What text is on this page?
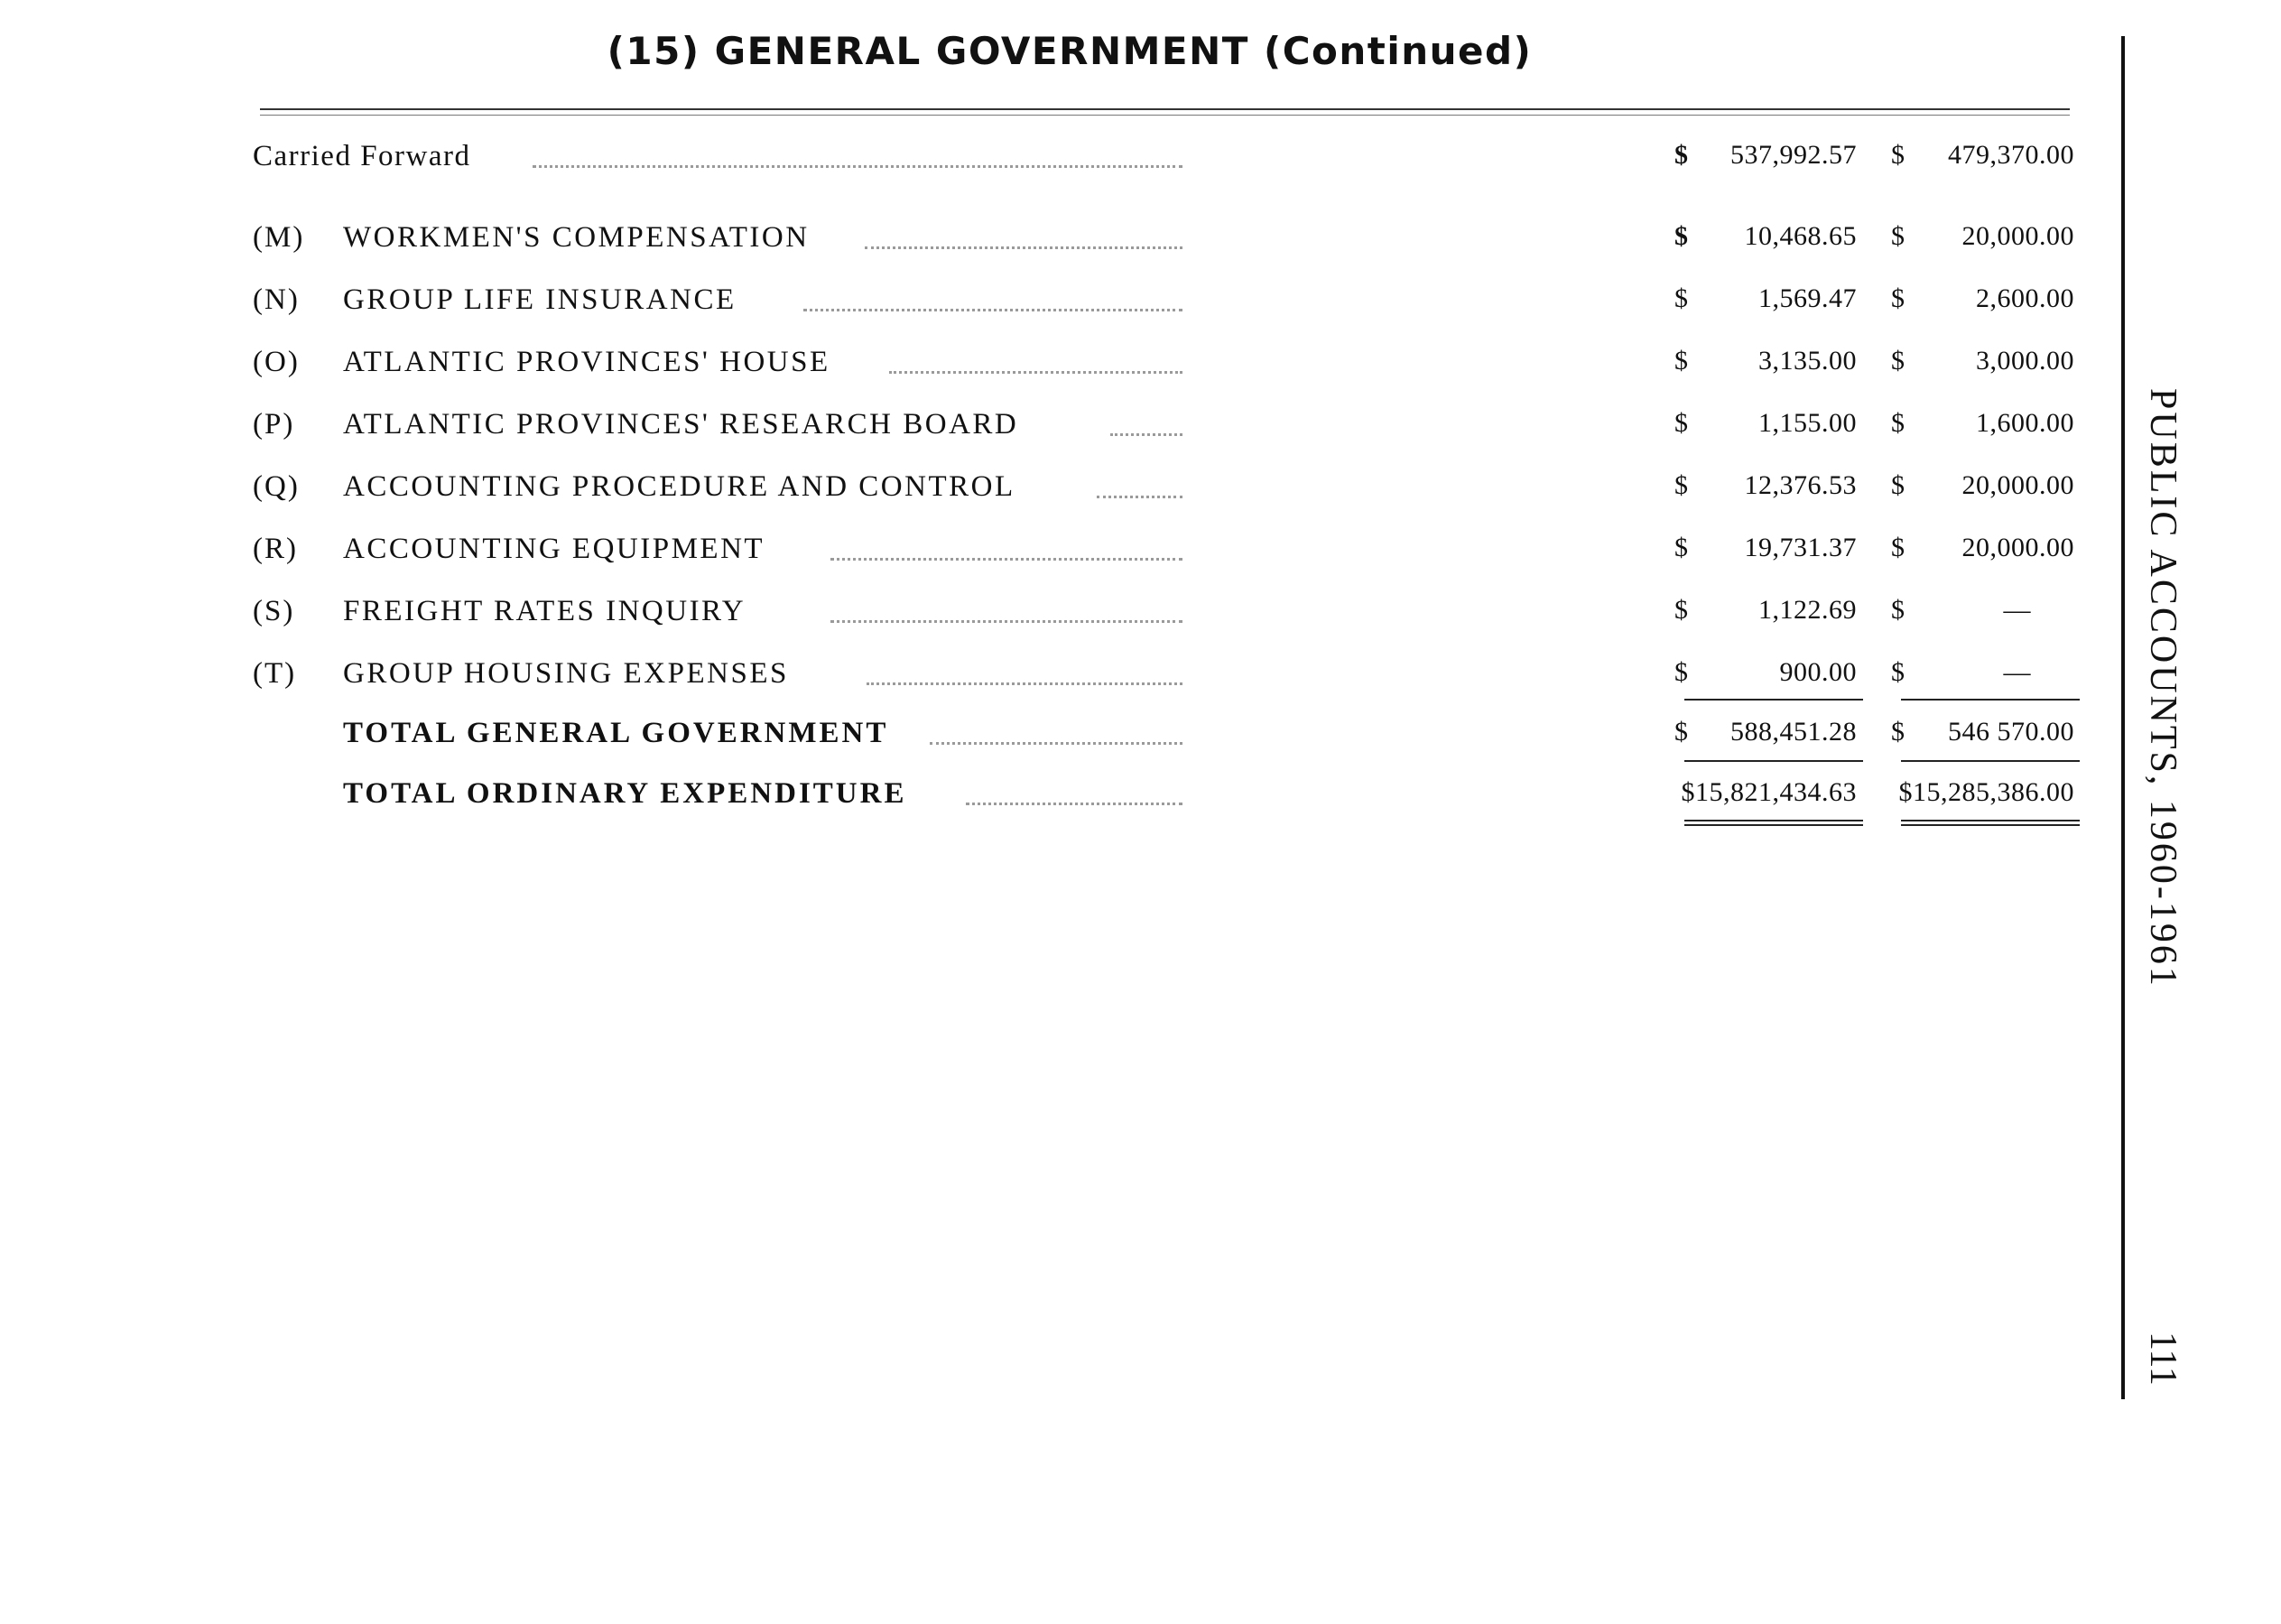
(15) GENERAL GOVERNMENT (Continued)
Carried Forward	$ 537,992.57 $ 479,370.00
(M)	WORKMEN'S COMPENSATION	$ 10,468.65 $ 20,000.00
(N)	GROUP LIFE INSURANCE	$	1,569.47 $	2,600.00
(O)	ATLANTIC PROVINCES' HOUSE	$	3,135.00 $	3,000.00
(P)	ATLANTIC PROVINCES' RESEARCH BOARD	$	1,155.00 $	1,600.00
(Q)	ACCOUNTING PROCEDURE AND CONTROL	$ 12,376.53 $ 20,000.00
(R)	ACCOUNTING EQUIPMENT	$ 19,731.37 $ 20,000.00
(S)	FREIGHT RATES INQUIRY	$	1,122.69 $	—
(T)	GROUP HOUSING EXPENSES	$	900.00 $	—
TOTAL GENERAL GOVERNMENT	$ 588,451.28 $ 546 570.00
TOTAL ORDINARY EXPENDITURE	$15,821,434.63 $15,285,386.00 PUBLIC ACCOUNTS, 1960-1961
111
